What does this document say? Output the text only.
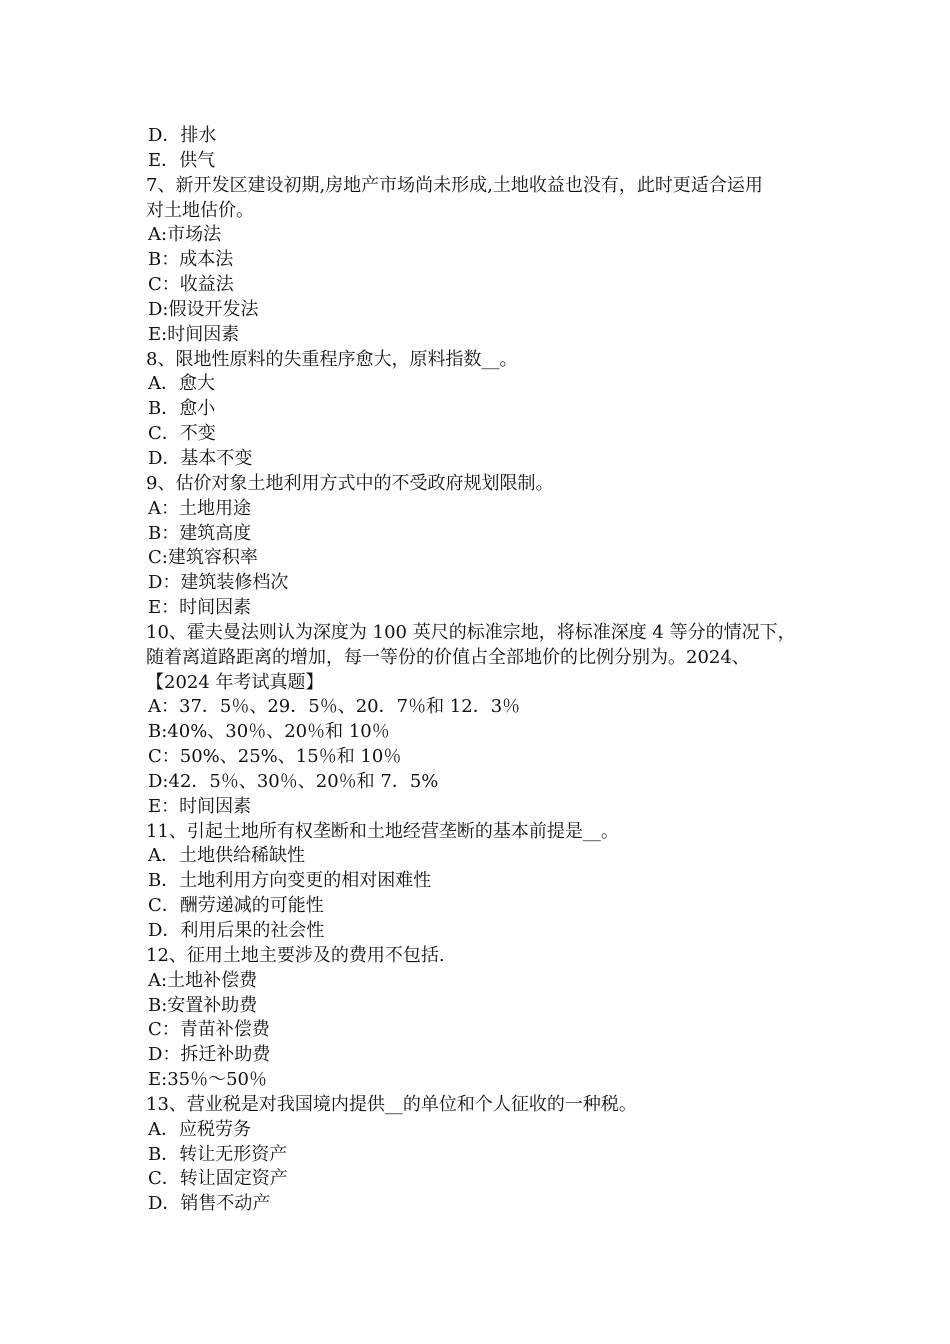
D．排水
E．供气
7、新开发区建设初期,房地产市场尚未形成,土地收益也没有，此时更适合运用
对土地估价。
A:市场法
B：成本法
C：收益法
D:假设开发法
E:时间因素
8、限地性原料的失重程序愈大，原料指数__。
A．愈大
B．愈小
C．不变
D．基本不变
9、估价对象土地利用方式中的不受政府规划限制。
A：土地用途
B：建筑高度
C:建筑容积率
D：建筑装修档次
E：时间因素
10、霍夫曼法则认为深度为 100 英尺的标准宗地，将标准深度 4 等分的情况下，
随着离道路距离的增加，每一等份的价值占全部地价的比例分别为。2024、
【2024 年考试真题】
A：37．5％、29．5％、20．7％和 12．3％
B:40%、30％、20％和 10％
C：50%、25%、15％和 10％
D:42．5％、30％、20％和 7．5%
E：时间因素
11、引起土地所有权垄断和土地经营垄断的基本前提是__。
A．土地供给稀缺性
B．土地利用方向变更的相对困难性
C．酬劳递减的可能性
D．利用后果的社会性
12、征用土地主要涉及的费用不包括.
A:土地补偿费
B:安置补助费
C：青苗补偿费
D：拆迁补助费
E:35％～50％
13、营业税是对我国境内提供__的单位和个人征收的一种税。
A．应税劳务
B．转让无形资产
C．转让固定资产
D．销售不动产
